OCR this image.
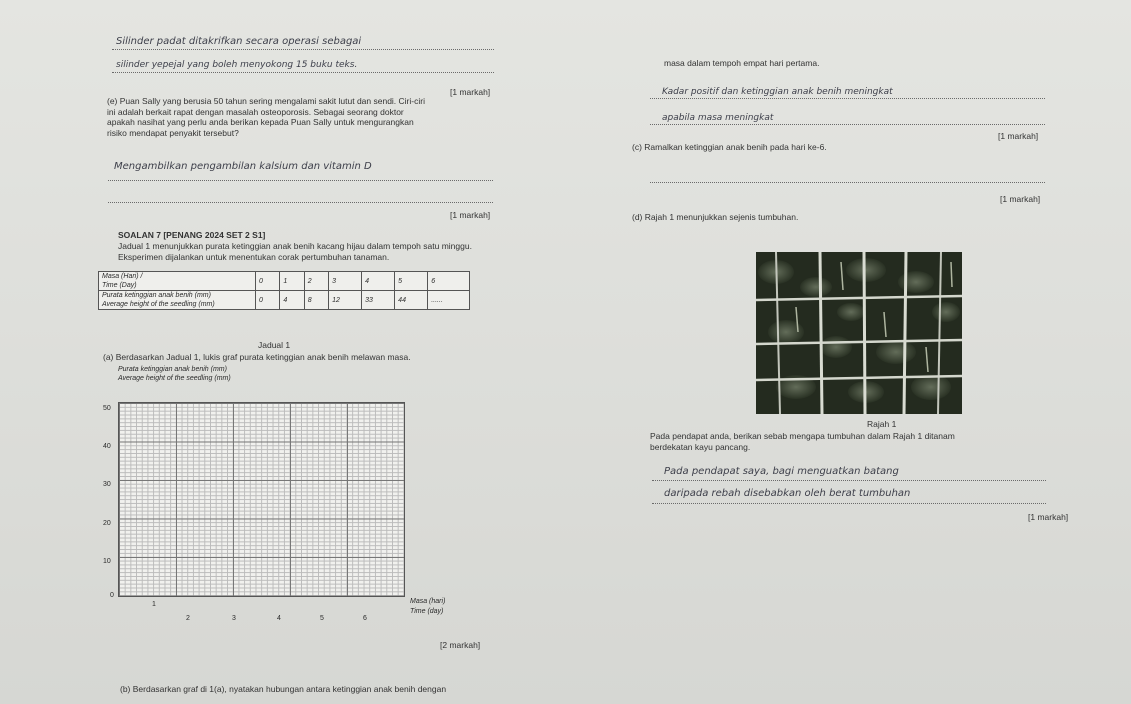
Silinder padat ditakrifkan secara operasi sebagai
silinder yepejal yang boleh menyokong 15 buku teks.
[1 markah]
(e) Puan Sally yang berusia 50 tahun sering mengalami sakit lutut dan sendi. Ciri-ciri ini adalah berkait rapat dengan masalah osteoporosis. Sebagai seorang doktor apakah nasihat yang perlu anda berikan kepada Puan Sally untuk mengurangkan risiko mendapat penyakit tersebut?
Mengambilkan pengambilan kalsium dan vitamin D
[1 markah]
SOALAN 7 [PENANG 2024 SET 2 S1]
Jadual 1 menunjukkan purata ketinggian anak benih kacang hijau dalam tempoh satu minggu. Eksperimen dijalankan untuk menentukan corak pertumbuhan tanaman.
Masa (Hari) /
Time (Day)	0	1	2	3	4	5	6
Purata ketinggian anak benih (mm)
Average height of the seedling (mm)	0	4	8	12	33	44	......
Jadual 1
(a) Berdasarkan Jadual 1, lukis graf purata ketinggian anak benih melawan masa.
Purata ketinggian anak benih (mm)
Average height of the seedling (mm)
50
40
30
20
10
0
1
2	3	4	5	6
Masa (hari)
Time (day)
[2 markah]
(b) Berdasarkan graf di 1(a), nyatakan hubungan antara ketinggian anak benih dengan
masa dalam tempoh empat hari pertama.
Kadar positif dan ketinggian anak benih meningkat
apabila masa meningkat
[1 markah]
(c) Ramalkan ketinggian anak benih pada hari ke-6.
[1 markah]
(d) Rajah 1 menunjukkan sejenis tumbuhan.
Rajah 1
Pada pendapat anda, berikan sebab mengapa tumbuhan dalam Rajah 1 ditanam
berdekatan kayu pancang.
Pada pendapat saya, bagi menguatkan batang
daripada rebah disebabkan oleh berat tumbuhan
[1 markah]
